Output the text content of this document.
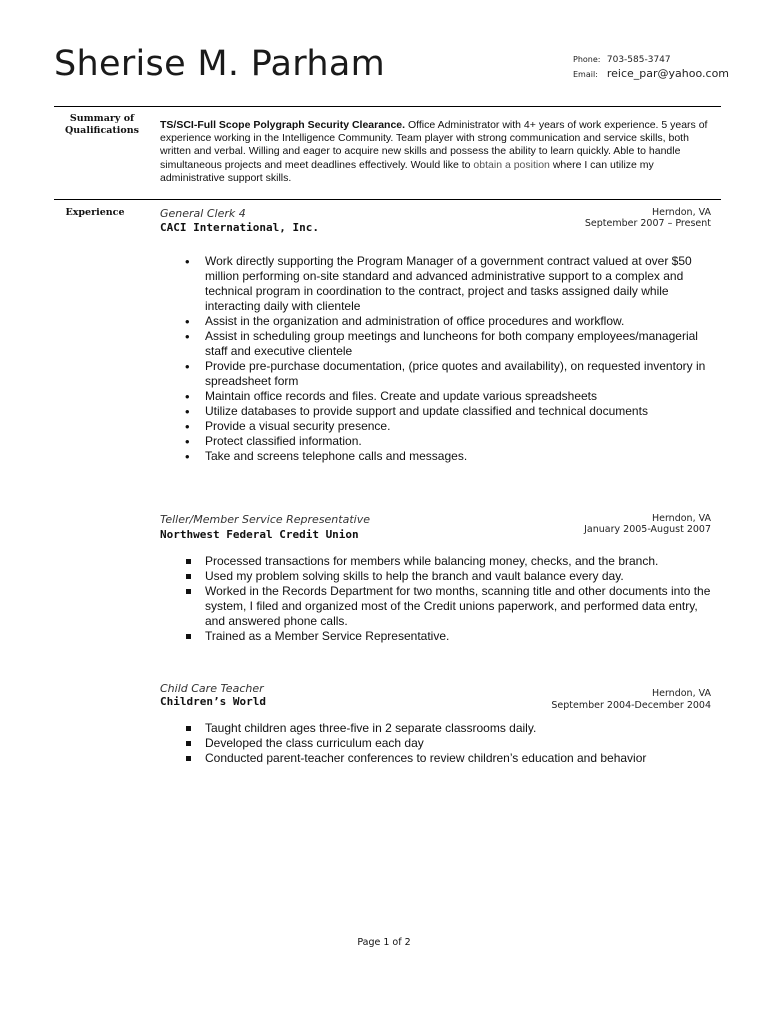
Sherise M. Parham	Phone: 703-585-3747
Email: reice_par@yahoo.com
Summary of
Qualifications	TS/SCI-Full Scope Polygraph Security Clearance. Office Administrator with 4+ years of work experience. 5 years of experience working in the Intelligence Community. Team player with strong communication and service skills, both written and verbal. Willing and eager to acquire new skills and possess the ability to learn quickly. Able to handle simultaneous projects and meet deadlines effectively. Would like to obtain a position where I can utilize my administrative support skills.
Experience	General Clerk 4
CACI International, Inc.
Herndon, VA
September 2007 – Present
• Work directly supporting the Program Manager of a government contract valued at over $50 million performing on-site standard and advanced administrative support to a complex and technical program in coordination to the contract, project and tasks assigned daily while interacting daily with clientele
• Assist in the organization and administration of office procedures and workflow.
• Assist in scheduling group meetings and luncheons for both company employees/managerial staff and executive clientele
• Provide pre-purchase documentation, (price quotes and availability), on requested inventory in spreadsheet form
• Maintain office records and files. Create and update various spreadsheets
• Utilize databases to provide support and update classified and technical documents
• Provide a visual security presence.
• Protect classified information.
• Take and screens telephone calls and messages.
Teller/Member Service Representative
Northwest Federal Credit Union
Herndon, VA
January 2005-August 2007
Processed transactions for members while balancing money, checks, and the branch.
Used my problem solving skills to help the branch and vault balance every day.
Worked in the Records Department for two months, scanning title and other documents into the system, I filed and organized most of the Credit unions paperwork, and performed data entry, and answered phone calls.
Trained as a Member Service Representative.
Child Care Teacher
Children’s World
Herndon, VA
September 2004-December 2004
Taught children ages three-five in 2 separate classrooms daily.
Developed the class curriculum each day
Conducted parent-teacher conferences to review children’s education and behavior
Page 1 of 2
